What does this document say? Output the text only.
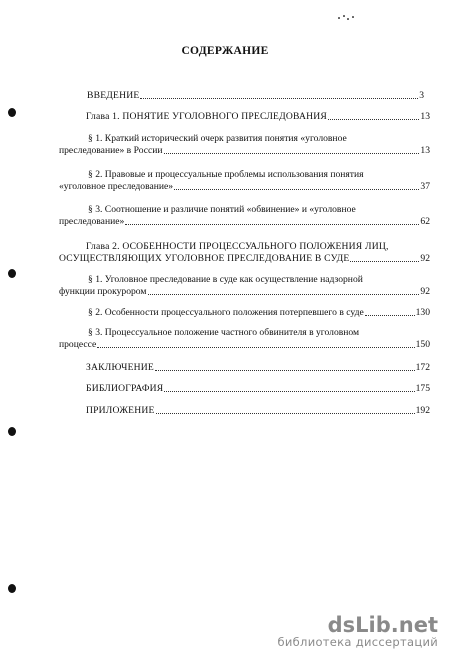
СОДЕРЖАНИЕ
ВВЕДЕНИЕ	3
Глава 1. ПОНЯТИЕ УГОЛОВНОГО ПРЕСЛЕДОВАНИЯ	13
§ 1. Краткий исторический очерк развития понятия «уголовное
преследование» в России	13
§ 2. Правовые и процессуальные проблемы использования понятия
«уголовное преследование»	37
§ 3. Соотношение и различие понятий «обвинение» и «уголовное
преследование»	62
Глава 2. ОСОБЕННОСТИ ПРОЦЕССУАЛЬНОГО ПОЛОЖЕНИЯ ЛИЦ,
ОСУЩЕСТВЛЯЮЩИХ УГОЛОВНОЕ ПРЕСЛЕДОВАНИЕ В СУДЕ	92
§ 1. Уголовное преследование в суде как осуществление надзорной
функции прокурором	92
§ 2. Особенности процессуального положения потерпевшего в суде	130
§ 3. Процессуальное положение частного обвинителя в уголовном
процессе	150
ЗАКЛЮЧЕНИЕ	172
БИБЛИОГРАФИЯ	175
ПРИЛОЖЕНИЕ	192
dsLib.net
библиотека диссертаций
